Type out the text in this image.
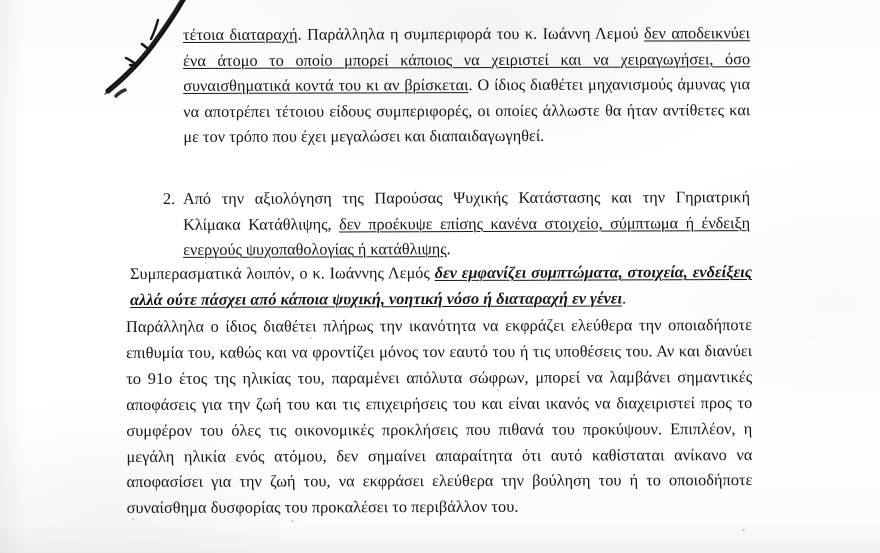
τέτοια διαταραχή. Παράλληλα η συμπεριφορά του κ. Ιωάννη Λεμού δεν αποδεικνύει ένα άτομο το οποίο μπορεί κάποιος να χειριστεί και να χειραγωγήσει, όσο συναισθηματικά κοντά του κι αν βρίσκεται. Ο ίδιος διαθέτει μηχανισμούς άμυνας για να αποτρέπει τέτοιου είδους συμπεριφορές, οι οποίες άλλωστε θα ήταν αντίθετες και με τον τρόπο που έχει μεγαλώσει και διαπαιδαγωγηθεί.

2. Από την αξιολόγηση της Παρούσας Ψυχικής Κατάστασης και την Γηριατρική Κλίμακα Κατάθλιψης, δεν προέκυψε επίσης κανένα στοιχείο, σύμπτωμα ή ένδειξη ενεργούς ψυχοπαθολογίας ή κατάθλιψης.

Συμπερασματικά λοιπόν, ο κ. Ιωάννης Λεμός δεν εμφανίζει συμπτώματα, στοιχεία, ενδείξεις αλλά ούτε πάσχει από κάποια ψυχική, νοητική νόσο ή διαταραχή εν γένει.

Παράλληλα ο ίδιος διαθέτει πλήρως την ικανότητα να εκφράζει ελεύθερα την οποιαδήποτε επιθυμία του, καθώς και να φροντίζει μόνος τον εαυτό του ή τις υποθέσεις του. Αν και διανύει το 91ο έτος της ηλικίας του, παραμένει απόλυτα σώφρων, μπορεί να λαμβάνει σημαντικές αποφάσεις για την ζωή του και τις επιχειρήσεις του και είναι ικανός να διαχειριστεί προς το συμφέρον του όλες τις οικονομικές προκλήσεις που πιθανά του προκύψουν. Επιπλέον, η μεγάλη ηλικία ενός ατόμου, δεν σημαίνει απαραίτητα ότι αυτό καθίσταται ανίκανο να αποφασίσει για την ζωή του, να εκφράσει ελεύθερα την βούληση του ή το οποιοδήποτε συναίσθημα δυσφορίας του προκαλέσει το περιβάλλον του.
